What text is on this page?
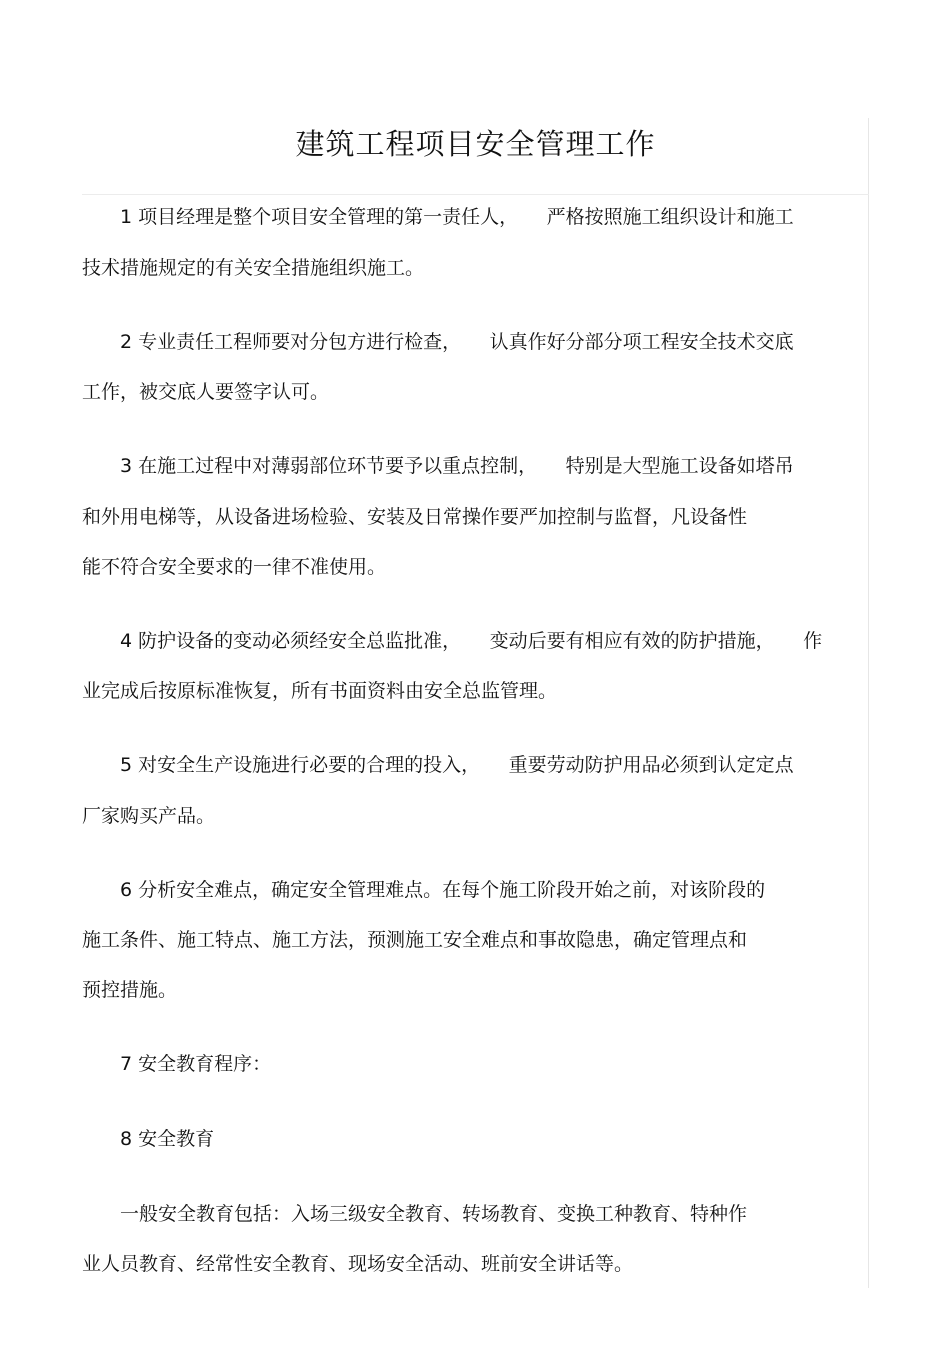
建筑工程项目安全管理工作

1 项目经理是整个项目安全管理的第一责任人，　　严格按照施工组织设计和施工

技术措施规定的有关安全措施组织施工。

2 专业责任工程师要对分包方进行检查，　　认真作好分部分项工程安全技术交底

工作，被交底人要签字认可。

3 在施工过程中对薄弱部位环节要予以重点控制，　　特别是大型施工设备如塔吊

和外用电梯等，从设备进场检验、安装及日常操作要严加控制与监督，凡设备性

能不符合安全要求的一律不准使用。

4 防护设备的变动必须经安全总监批准，　　变动后要有相应有效的防护措施，　　作

业完成后按原标准恢复，所有书面资料由安全总监管理。

5 对安全生产设施进行必要的合理的投入，　　重要劳动防护用品必须到认定定点

厂家购买产品。

6 分析安全难点，确定安全管理难点。在每个施工阶段开始之前，对该阶段的

施工条件、施工特点、施工方法，预测施工安全难点和事故隐患，确定管理点和

预控措施。

7 安全教育程序：

8 安全教育

一般安全教育包括：入场三级安全教育、转场教育、变换工种教育、特种作

业人员教育、经常性安全教育、现场安全活动、班前安全讲话等。
